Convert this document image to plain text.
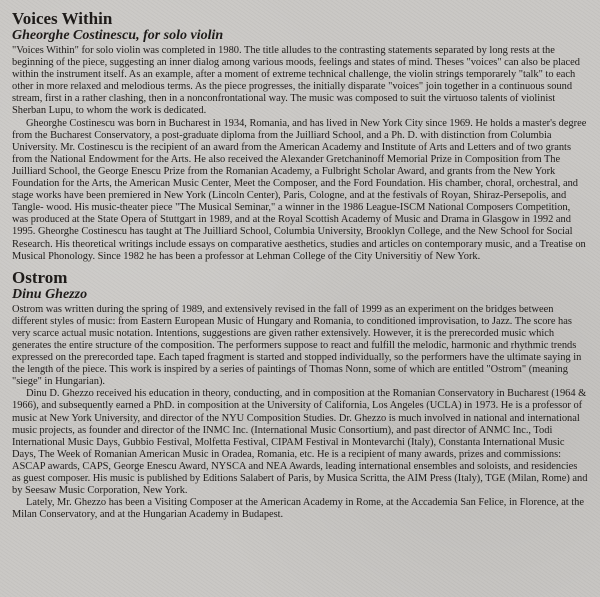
Voices Within
Gheorghe Costinescu, for solo violin

"Voices Within" for solo violin was completed in 1980. The title alludes to the contrasting statements separated by long rests at the beginning of the piece, suggesting an inner dialog among various moods, feelings and states of mind. Theses "voices" can also be placed within the instrument itself. As an example, after a moment of extreme technical challenge, the violin strings temporarely "talk" to each other in more relaxed and melodious terms. As the piece progresses, the initially disparate "voices" join together in a continuous sound stream, first in a rather clashing, then in a nonconfrontational way. The music was composed to suit the virtuoso talents of violinist Sherban Lupu, to whom the work is dedicated.

Gheorghe Costinescu was born in Bucharest in 1934, Romania, and has lived in New York City since 1969. He holds a master's degree from the Bucharest Conservatory, a post-graduate diploma from the Juilliard School, and a Ph. D. with distinction from Columbia University. Mr. Costinescu is the recipient of an award from the American Academy and Institute of Arts and Letters and of two grants from the National Endowment for the Arts. He also received the Alexander Gretchaninoff Memorial Prize in Composition from The Juilliard School, the George Enescu Prize from the Romanian Academy, a Fulbright Scholar Award, and grants from the New York Foundation for the Arts, the American Music Center, Meet the Composer, and the Ford Foundation. His chamber, choral, orchestral, and stage works have been premiered in New York (Lincoln Center), Paris, Cologne, and at the festivals of Royan, Shiraz-Persepolis, and Tangle- wood. His music-theater piece "The Musical Seminar," a winner in the 1986 League-ISCM National Composers Competition, was produced at the State Opera of Stuttgart in 1989, and at the Royal Scottish Academy of Music and Drama in Glasgow in 1992 and 1995. Gheorghe Costinescu has taught at The Juilliard School, Columbia University, Brooklyn College, and the New School for Social Research. His theoretical writings include essays on comparative aesthetics, studies and articles on contemporary music, and a Treatise on Musical Phonology. Since 1982 he has been a professor at Lehman College of the City Universitiy of New York.

Ostrom
Dinu Ghezzo

Ostrom was written during the spring of 1989, and extensively revised in the fall of 1999 as an experiment on the bridges between different styles of music: from Eastern European Music of Hungary and Romania, to conditioned improvisation, to Jazz. The score has very scarce actual music notation. Intentions, suggestions are given rather extensively. However, it is the prerecorded music which generates the entire structure of the composition. The performers suppose to react and fulfill the melodic, harmonic and rhythmic trends expressed on the prerecorded tape. Each taped fragment is started and stopped individually, so the performers have the ultimate saying in the length of the piece. This work is inspired by a series of paintings of Thomas Nonn, some of which are entitled "Ostrom" (meaning "siege" in Hungarian).

Dinu D. Ghezzo received his education in theory, conducting, and in composition at the Romanian Conservatory in Bucharest (1964 & 1966), and subsequently earned a PhD. in composition at the University of California, Los Angeles (UCLA) in 1973. He is a professor of music at New York University, and director of the NYU Composition Studies. Dr. Ghezzo is much involved in national and international music projects, as founder and director of the INMC Inc. (International Music Consortium), and past director of ANMC Inc., Todi International Music Days, Gubbio Festival, Molfetta Festival, CIPAM Festival in Montevarchi (Italy), Constanta International Music Days, The Week of Romanian American Music in Oradea, Romania, etc. He is a recipient of many awards, prizes and commissions: ASCAP awards, CAPS, George Enescu Award, NYSCA and NEA Awards, leading international ensembles and soloists, and residencies as guest composer. His music is published by Editions Salabert of Paris, by Musica Scritta, the AIM Press (Italy), TGE (Milan, Rome) and by Seesaw Music Corporation, New York.

Lately, Mr. Ghezzo has been a Visiting Composer at the American Academy in Rome, at the Accademia San Felice, in Florence, at the Milan Conservatory, and at the Hungarian Academy in Budapest.
